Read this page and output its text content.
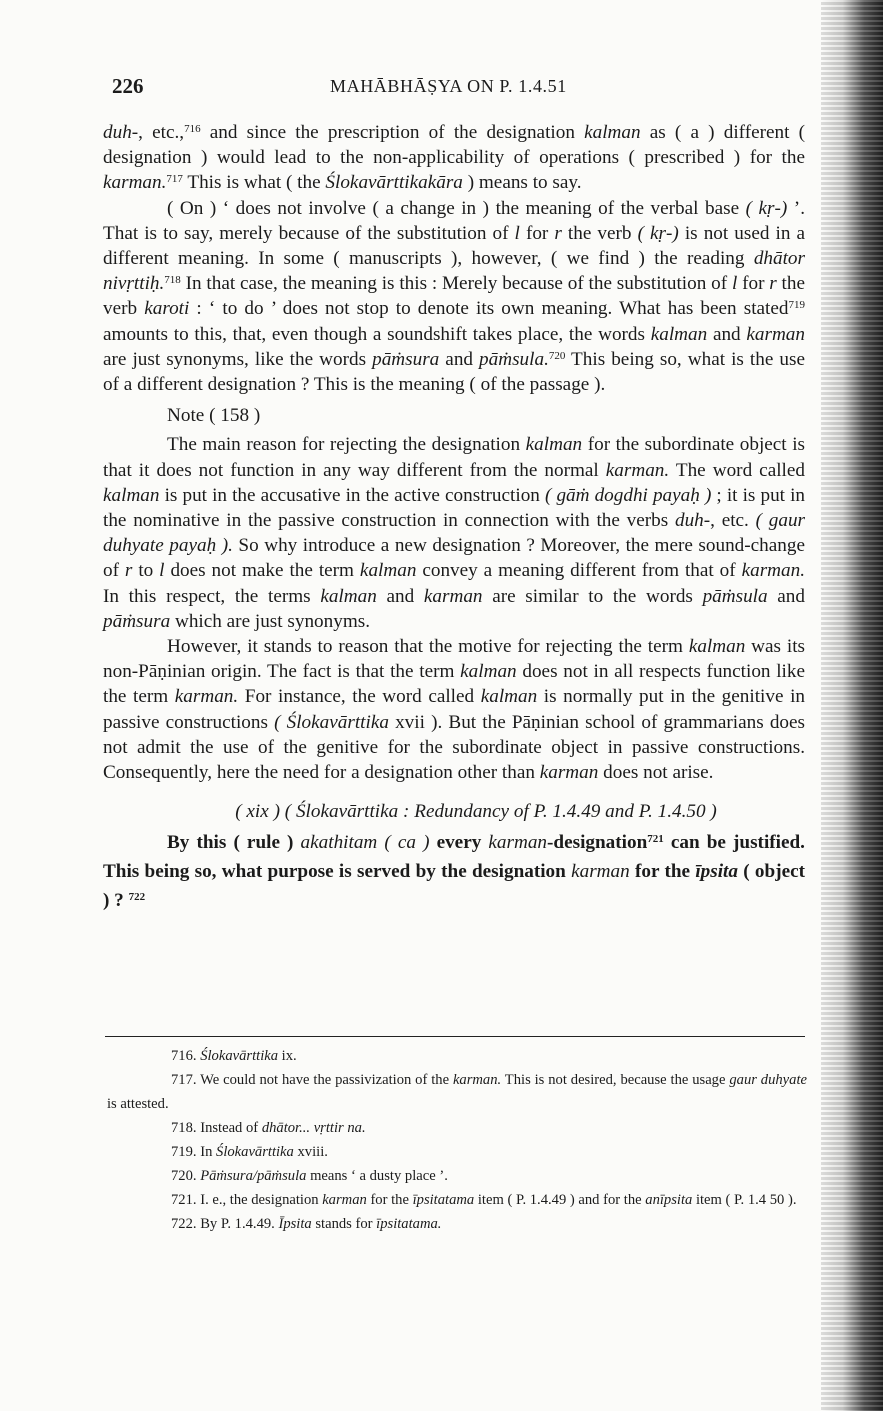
226	MAHĀBHĀṢYA ON P. 1.4.51

duh-, etc.,$^{716}$ and since the prescription of the designation kalman as ( a ) different ( designation ) would lead to the non-applicability of operations ( prescribed ) for the karman.$^{717}$ This is what ( the Ślokavārttikakāra ) means to say.

( On ) ‘ does not involve ( a change in ) the meaning of the verbal base ( kṛ-) ’. That is to say, merely because of the substitution of l for r the verb ( kṛ-) is not used in a different meaning. In some ( manuscripts ), however, ( we find ) the reading dhātor nivṛttiḥ.$^{718}$ In that case, the meaning is this : Merely because of the substitution of l for r the verb karoti : ‘ to do ’ does not stop to denote its own meaning. What has been stated$^{719}$ amounts to this, that, even though a soundshift takes place, the words kalman and karman are just synonyms, like the words pāṁsura and pāṁsula.$^{720}$ This being so, what is the use of a different designation ? This is the meaning ( of the passage ).

Note ( 158 )

The main reason for rejecting the designation kalman for the subordinate object is that it does not function in any way different from the normal karman. The word called kalman is put in the accusative in the active construction ( gāṁ dogdhi payaḥ ) ; it is put in the nominative in the passive construction in connection with the verbs duh-, etc. ( gaur duhyate payaḥ ). So why introduce a new designation ? Moreover, the mere sound-change of r to l does not make the term kalman convey a meaning different from that of karman. In this respect, the terms kalman and karman are similar to the words pāṁsula and pāṁsura which are just synonyms.

However, it stands to reason that the motive for rejecting the term kalman was its non-Pāṇinian origin. The fact is that the term kalman does not in all respects function like the term karman. For instance, the word called kalman is normally put in the genitive in passive constructions ( Ślokavārttika xvii ). But the Pāṇinian school of grammarians does not admit the use of the genitive for the subordinate object in passive constructions. Consequently, here the need for a designation other than karman does not arise.

( xix ) ( Ślokavārttika : Redundancy of P. 1.4.49 and P. 1.4.50 )

By this ( rule ) akathitam ( ca ) every karman-designation$^{721}$ can be justified. This being so, what purpose is served by the designation karman for the īpsita ( object ) ? $^{722}$

716. Ślokavārttika ix.

717. We could not have the passivization of the karman. This is not desired, because the usage gaur duhyate is attested.

718. Instead of dhātor... vṛttir na.

719. In Ślokavārttika xviii.

720. Pāṁsura/pāṁsula means ‘ a dusty place ’.

721. I. e., the designation karman for the īpsitatama item ( P. 1.4.49 ) and for the anīpsita item ( P. 1.4 50 ).

722. By P. 1.4.49. Īpsita stands for īpsitatama.
